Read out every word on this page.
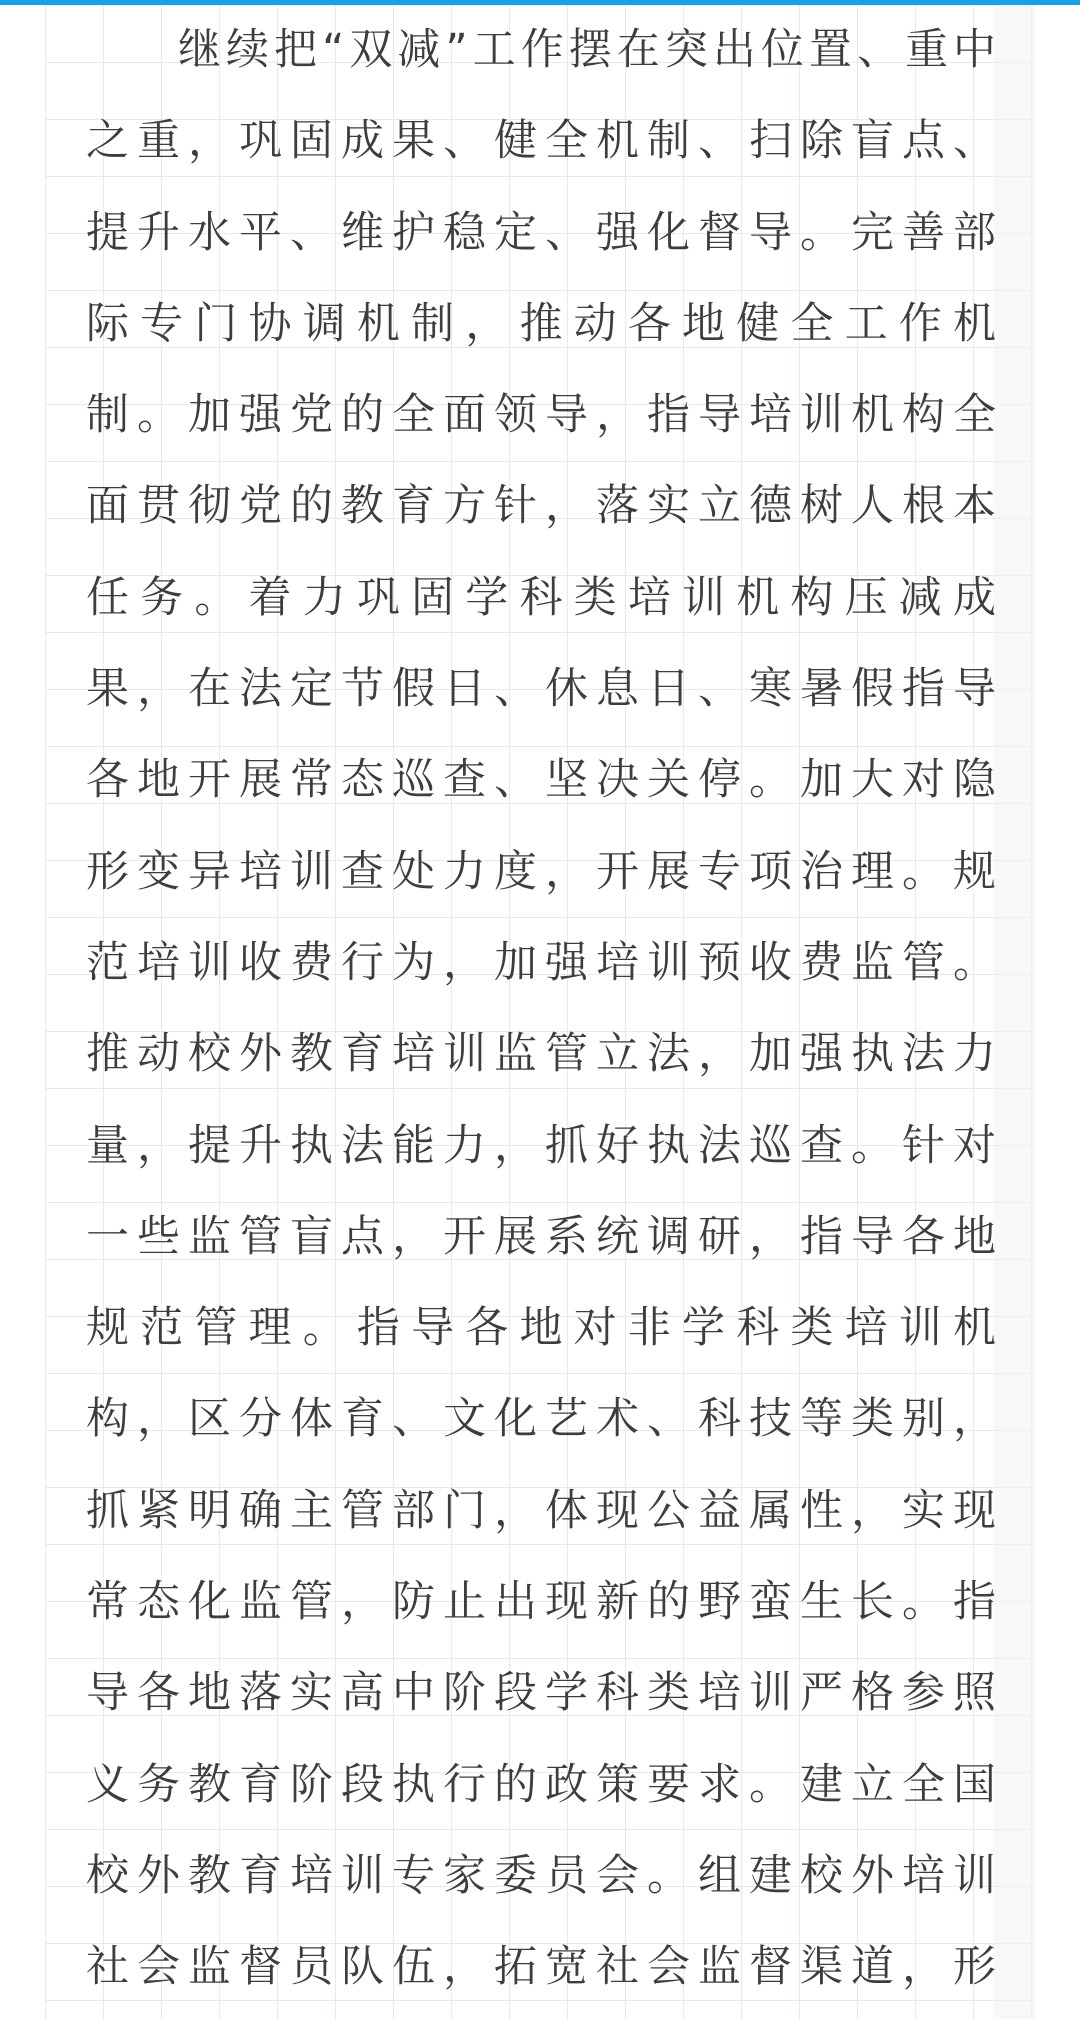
继续把“双减”工作摆在突出位置、重中
之重，巩固成果、健全机制、扫除盲点、
提升水平、维护稳定、强化督导。完善部
际专门协调机制，推动各地健全工作机
制。加强党的全面领导，指导培训机构全
面贯彻党的教育方针，落实立德树人根本
任务。着力巩固学科类培训机构压减成
果，在法定节假日、休息日、寒暑假指导
各地开展常态巡查、坚决关停。加大对隐
形变异培训查处力度，开展专项治理。规
范培训收费行为，加强培训预收费监管。
推动校外教育培训监管立法，加强执法力
量，提升执法能力，抓好执法巡查。针对
一些监管盲点，开展系统调研，指导各地
规范管理。指导各地对非学科类培训机
构，区分体育、文化艺术、科技等类别，
抓紧明确主管部门，体现公益属性，实现
常态化监管，防止出现新的野蛮生长。指
导各地落实高中阶段学科类培训严格参照
义务教育阶段执行的政策要求。建立全国
校外教育培训专家委员会。组建校外培训
社会监督员队伍，拓宽社会监督渠道，形
